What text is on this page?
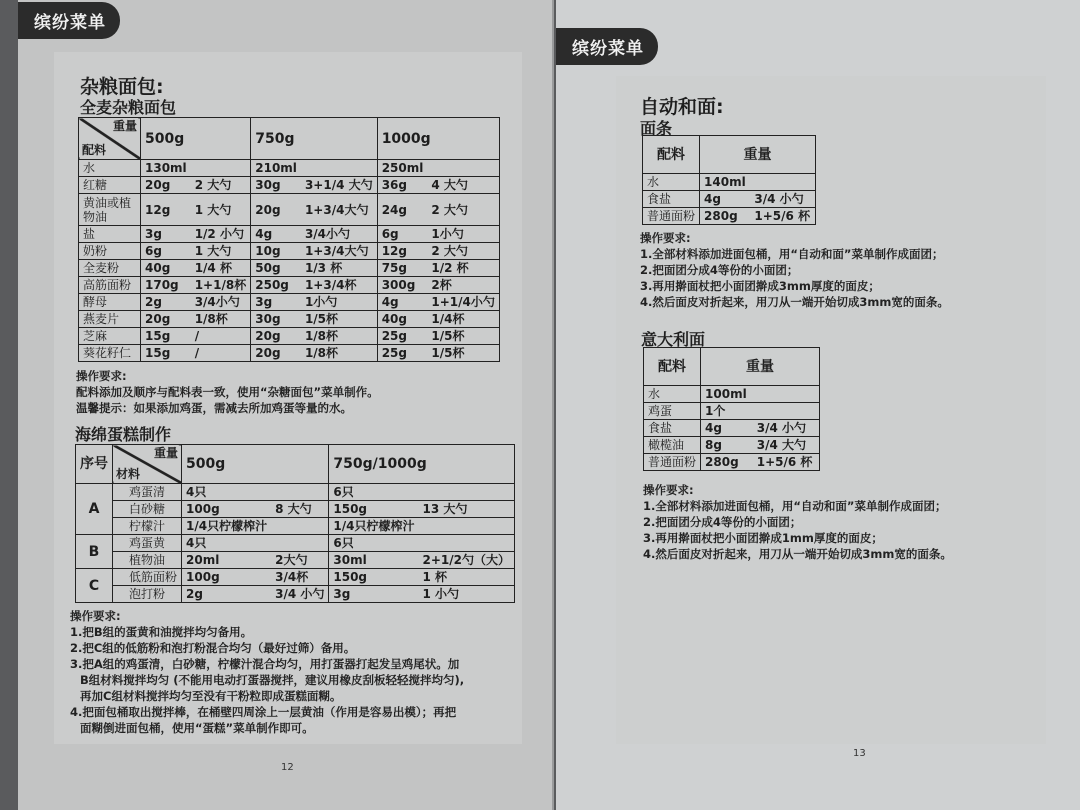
缤纷菜单
杂粮面包:
全麦杂粮面包
重量
配料	500g		750g		1000g	
水	130ml		210ml		250ml	
红糖	20g	2 大勺	30g	3+1/4 大勺	36g	4 大勺
黄油或植物油	12g	1 大勺	20g	1+3/4大勺	24g	2 大勺
盐	3g	1/2 小勺	4g	3/4小勺	6g	1小勺
奶粉	6g	1 大勺	10g	1+3/4大勺	12g	2 大勺
全麦粉	40g	1/4 杯	50g	1/3 杯	75g	1/2 杯
高筋面粉	170g	1+1/8杯	250g	1+3/4杯	300g	2杯
酵母	2g	3/4小勺	3g	1小勺	4g	1+1/4小勺
燕麦片	20g	1/8杯	30g	1/5杯	40g	1/4杯
芝麻	15g	/	20g	1/8杯	25g	1/5杯
葵花籽仁	15g	/	20g	1/8杯	25g	1/5杯
操作要求:
配料添加及顺序与配料表一致，使用“杂糖面包”菜单制作。
温馨提示：如果添加鸡蛋，需减去所加鸡蛋等量的水。
海绵蛋糕制作
序号	重量
材料	500g		750g/1000g	
A	鸡蛋清	4只		6只	
	白砂糖	100g	8 大勺	150g	13 大勺
	柠檬汁	1/4只柠檬榨汁		1/4只柠檬榨汁	
B	鸡蛋黄	4只		6只	
	植物油	20ml	2大勺	30ml	2+1/2勺（大）
C	低筋面粉	100g	3/4杯	150g	1 杯
	泡打粉	2g	3/4 小勺	3g	1 小勺
操作要求:
1.把B组的蛋黄和油搅拌均匀备用。
2.把C组的低筋粉和泡打粉混合均匀（最好过筛）备用。
3.把A组的鸡蛋清，白砂糖，柠檬汁混合均匀，用打蛋器打起发呈鸡尾状。加
B组材料搅拌均匀 (不能用电动打蛋器搅拌，建议用橡皮刮板轻轻搅拌均匀),
再加C组材料搅拌均匀至没有干粉粒即成蛋糕面糊。
4.把面包桶取出搅拌棒，在桶壁四周涂上一层黄油（作用是容易出模）；再把
面糊倒进面包桶，使用“蛋糕”菜单制作即可。
12
缤纷菜单
自动和面:
面条
配料	重量	
水	140ml	
食盐	4g	3/4 小勺
普通面粉	280g	1+5/6 杯
操作要求:
1.全部材料添加进面包桶，用“自动和面”菜单制作成面团；
2.把面团分成4等份的小面团；
3.再用擀面杖把小面团擀成3mm厚度的面皮；
4.然后面皮对折起来，用刀从一端开始切成3mm宽的面条。
意大利面
配料	重量	
水	100ml	
鸡蛋	1个	
食盐	4g	3/4 小勺
橄榄油	8g	3/4 大勺
普通面粉	280g	1+5/6 杯
操作要求:
1.全部材料添加进面包桶，用“自动和面”菜单制作成面团；
2.把面团分成4等份的小面团；
3.再用擀面杖把小面团擀成1mm厚度的面皮；
4.然后面皮对折起来，用刀从一端开始切成3mm宽的面条。
13
